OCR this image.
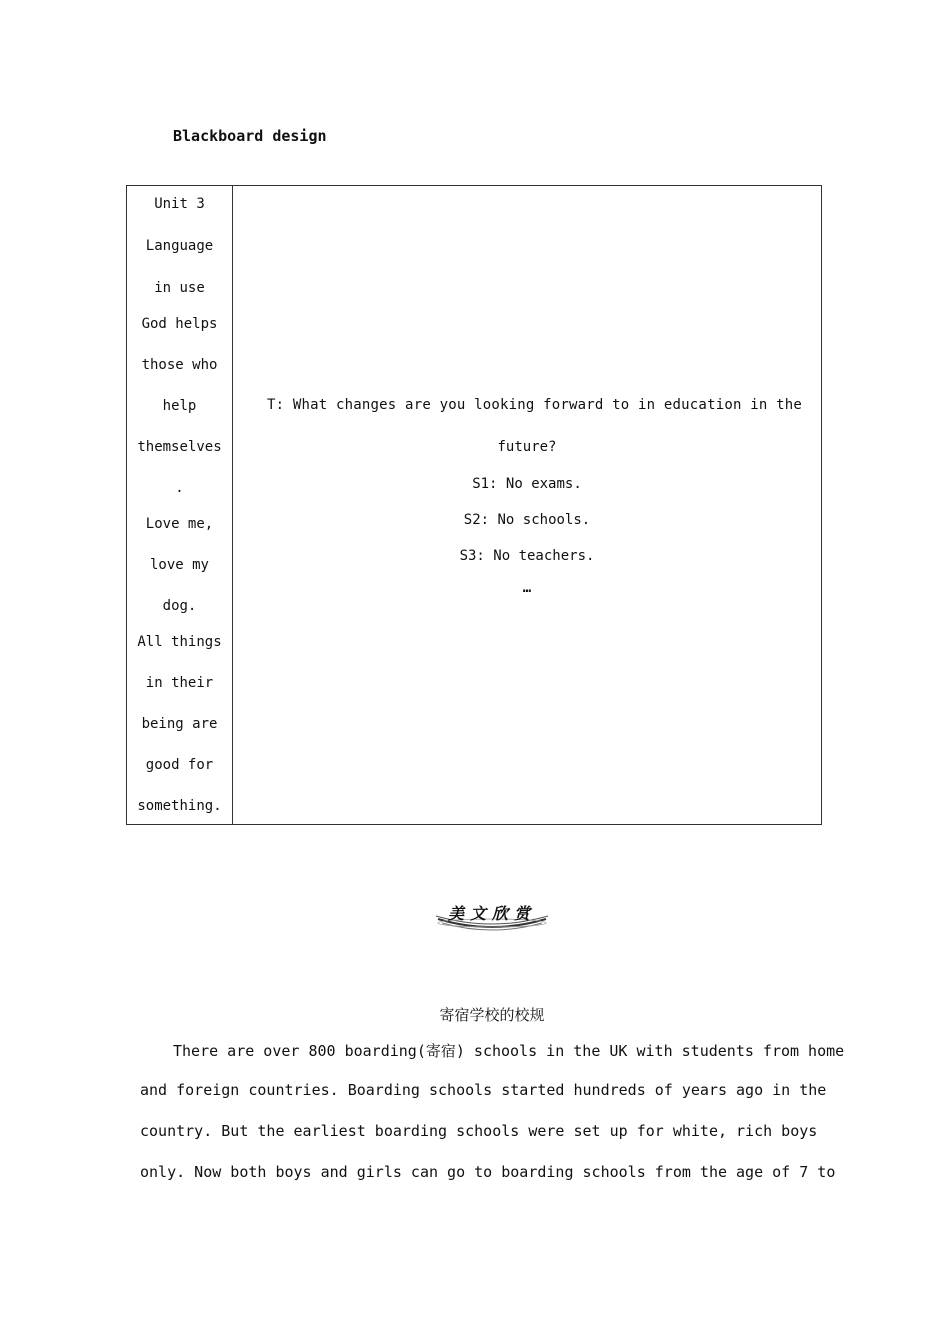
Blackboard design
Unit 3
Language
in use
God helps
those who
help
themselves
.
Love me,
love my
dog.
All things
in their
being are
good for
something.
T: What changes are you looking forward to in education in the
future?
S1: No exams.
S2: No schools.
S3: No teachers.
…
美文欣赏
寄宿学校的校规
There are over 800 boarding(寄宿) schools in the UK with students from home
and foreign countries. Boarding schools started hundreds of years ago in the
country. But the earliest boarding schools were set up for white, rich boys
only. Now both boys and girls can go to boarding schools from the age of 7 to
